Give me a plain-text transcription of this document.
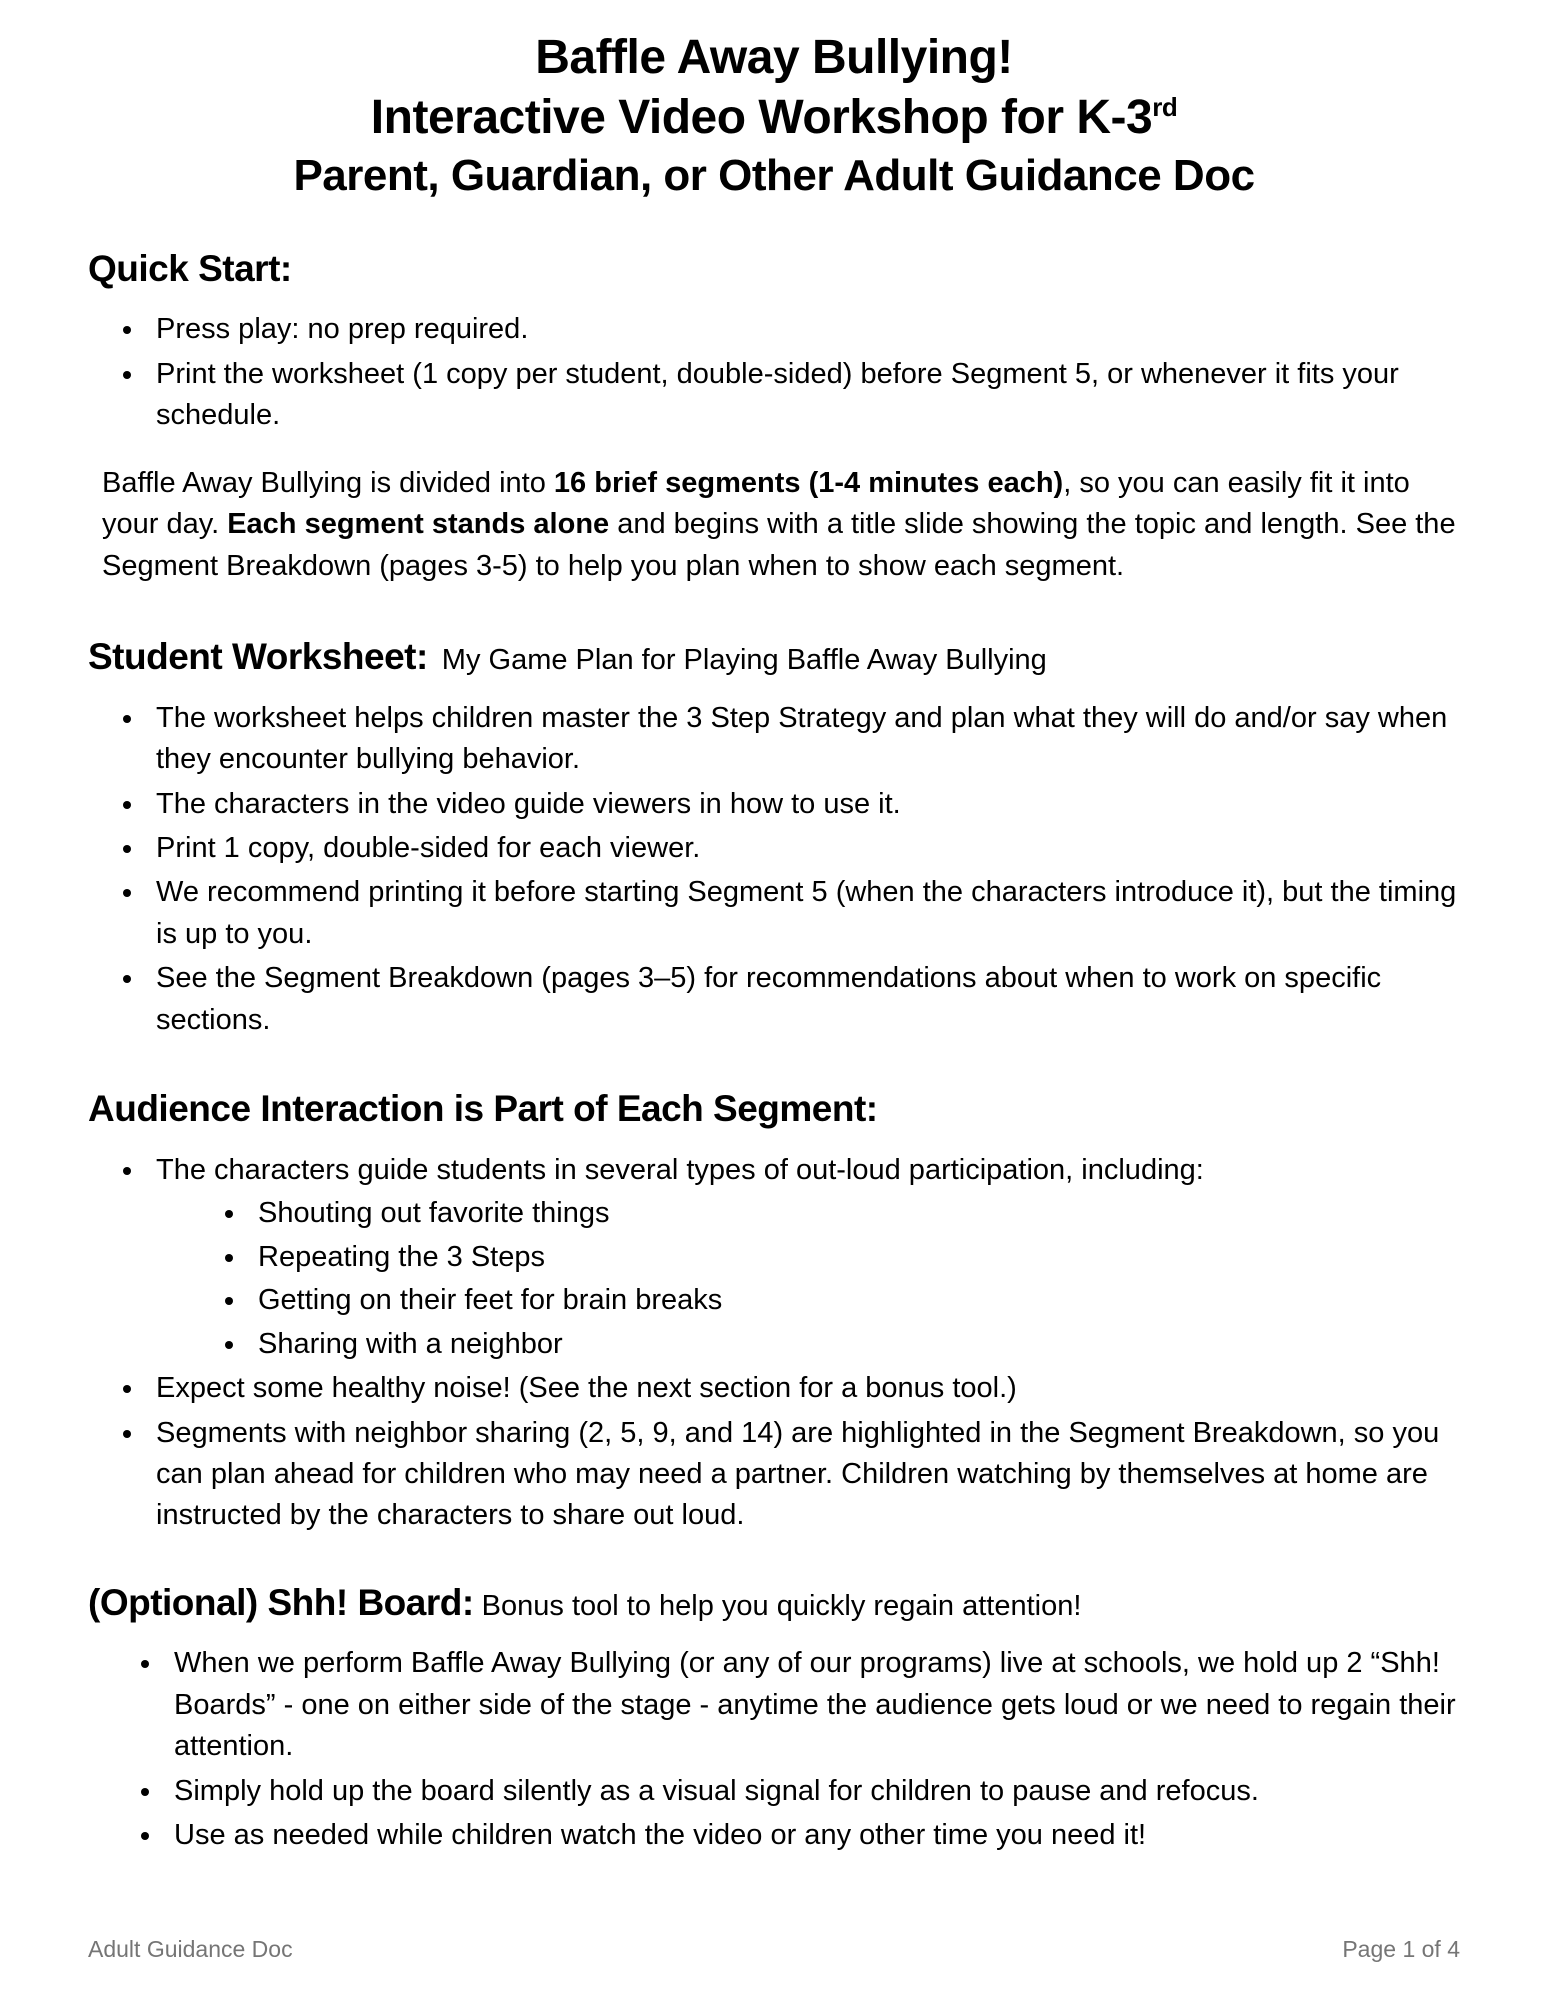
Baffle Away Bullying!
Interactive Video Workshop for K-3rd
Parent, Guardian, or Other Adult Guidance Doc
Quick Start:
• Press play: no prep required.
• Print the worksheet (1 copy per student, double-sided) before Segment 5, or whenever it fits your schedule.

Baffle Away Bullying is divided into 16 brief segments (1-4 minutes each), so you can easily fit it into your day. Each segment stands alone and begins with a title slide showing the topic and length. See the Segment Breakdown (pages 3-5) to help you plan when to show each segment.

Student Worksheet: My Game Plan for Playing Baffle Away Bullying
• The worksheet helps children master the 3 Step Strategy and plan what they will do and/or say when they encounter bullying behavior.
• The characters in the video guide viewers in how to use it.
• Print 1 copy, double-sided for each viewer.
• We recommend printing it before starting Segment 5 (when the characters introduce it), but the timing is up to you.
• See the Segment Breakdown (pages 3–5) for recommendations about when to work on specific sections.
Audience Interaction is Part of Each Segment:
• The characters guide students in several types of out-loud participation, including:
• Shouting out favorite things
• Repeating the 3 Steps
• Getting on their feet for brain breaks
• Sharing with a neighbor
• Expect some healthy noise! (See the next section for a bonus tool.)
• Segments with neighbor sharing (2, 5, 9, and 14) are highlighted in the Segment Breakdown, so you can plan ahead for children who may need a partner. Children watching by themselves at home are instructed by the characters to share out loud.
(Optional) Shh! Board: Bonus tool to help you quickly regain attention!
• When we perform Baffle Away Bullying (or any of our programs) live at schools, we hold up 2 “Shh! Boards” - one on either side of the stage - anytime the audience gets loud or we need to regain their attention.
• Simply hold up the board silently as a visual signal for children to pause and refocus.
• Use as needed while children watch the video or any other time you need it!
Adult Guidance Doc	Page 1 of 4
